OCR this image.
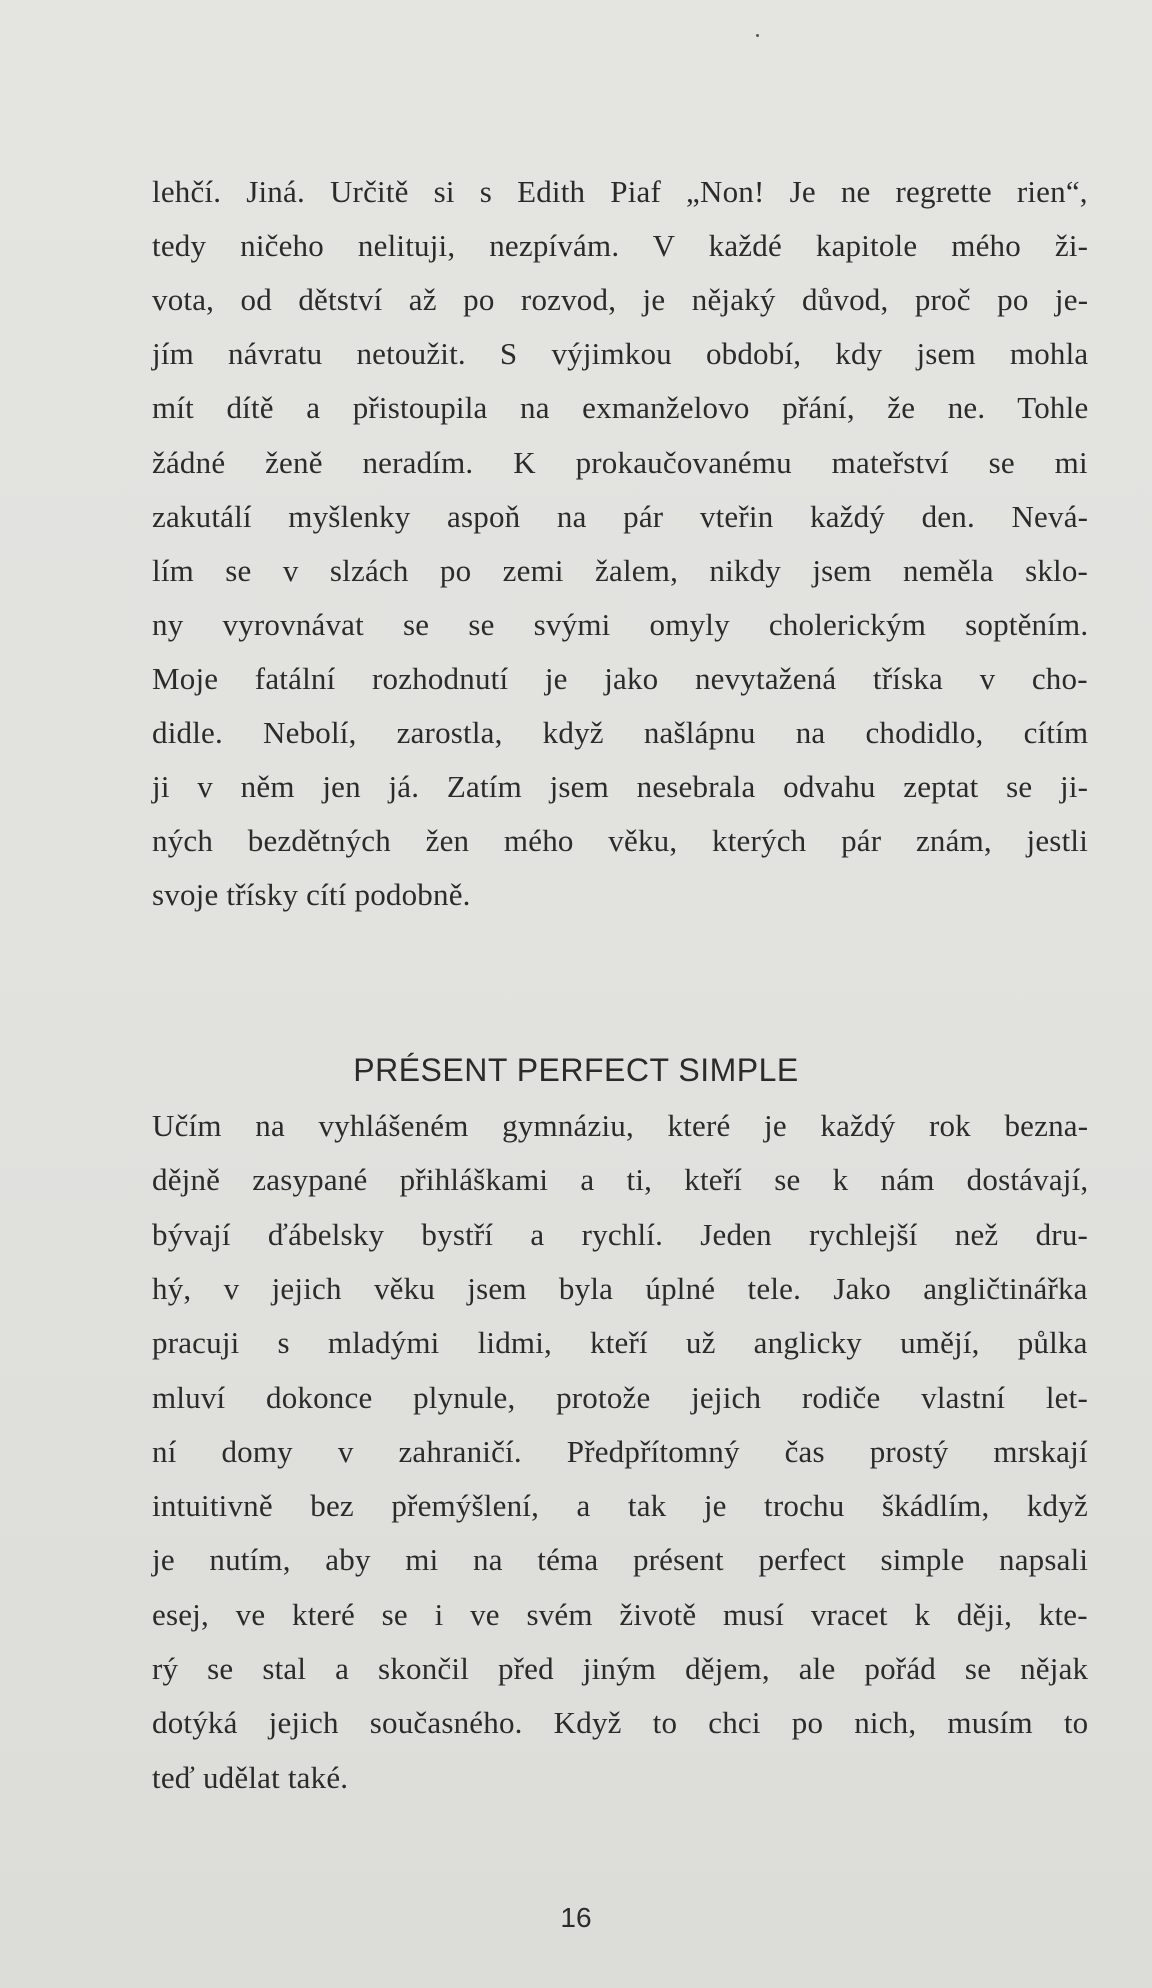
lehčí. Jiná. Určitě si s Edith Piaf „Non! Je ne regrette rien“,
tedy ničeho nelituji, nezpívám. V každé kapitole mého ži-
vota, od dětství až po rozvod, je nějaký důvod, proč po je-
jím návratu netoužit. S výjimkou období, kdy jsem mohla
mít dítě a přistoupila na exmanželovo přání, že ne. Tohle
žádné ženě neradím. K prokaučovanému mateřství se mi
zakutálí myšlenky aspoň na pár vteřin každý den. Nevá-
lím se v slzách po zemi žalem, nikdy jsem neměla sklo-
ny vyrovnávat se se svými omyly cholerickým soptěním.
Moje fatální rozhodnutí je jako nevytažená tříska v cho-
didle. Nebolí, zarostla, když našlápnu na chodidlo, cítím
ji v něm jen já. Zatím jsem nesebrala odvahu zeptat se ji-
ných bezdětných žen mého věku, kterých pár znám, jestli
svoje třísky cítí podobně.
PRÉSENT PERFECT SIMPLE
Učím na vyhlášeném gymnáziu, které je každý rok bezna-
dějně zasypané přihláškami a ti, kteří se k nám dostávají,
bývají ďábelsky bystří a rychlí. Jeden rychlejší než dru-
hý, v jejich věku jsem byla úplné tele. Jako angličtinářka
pracuji s mladými lidmi, kteří už anglicky umějí, půlka
mluví dokonce plynule, protože jejich rodiče vlastní let-
ní domy v zahraničí. Předpřítomný čas prostý mrskají
intuitivně bez přemýšlení, a tak je trochu škádlím, když
je nutím, aby mi na téma présent perfect simple napsali
esej, ve které se i ve svém životě musí vracet k ději, kte-
rý se stal a skončil před jiným dějem, ale pořád se nějak
dotýká jejich současného. Když to chci po nich, musím to
teď udělat také.
16
